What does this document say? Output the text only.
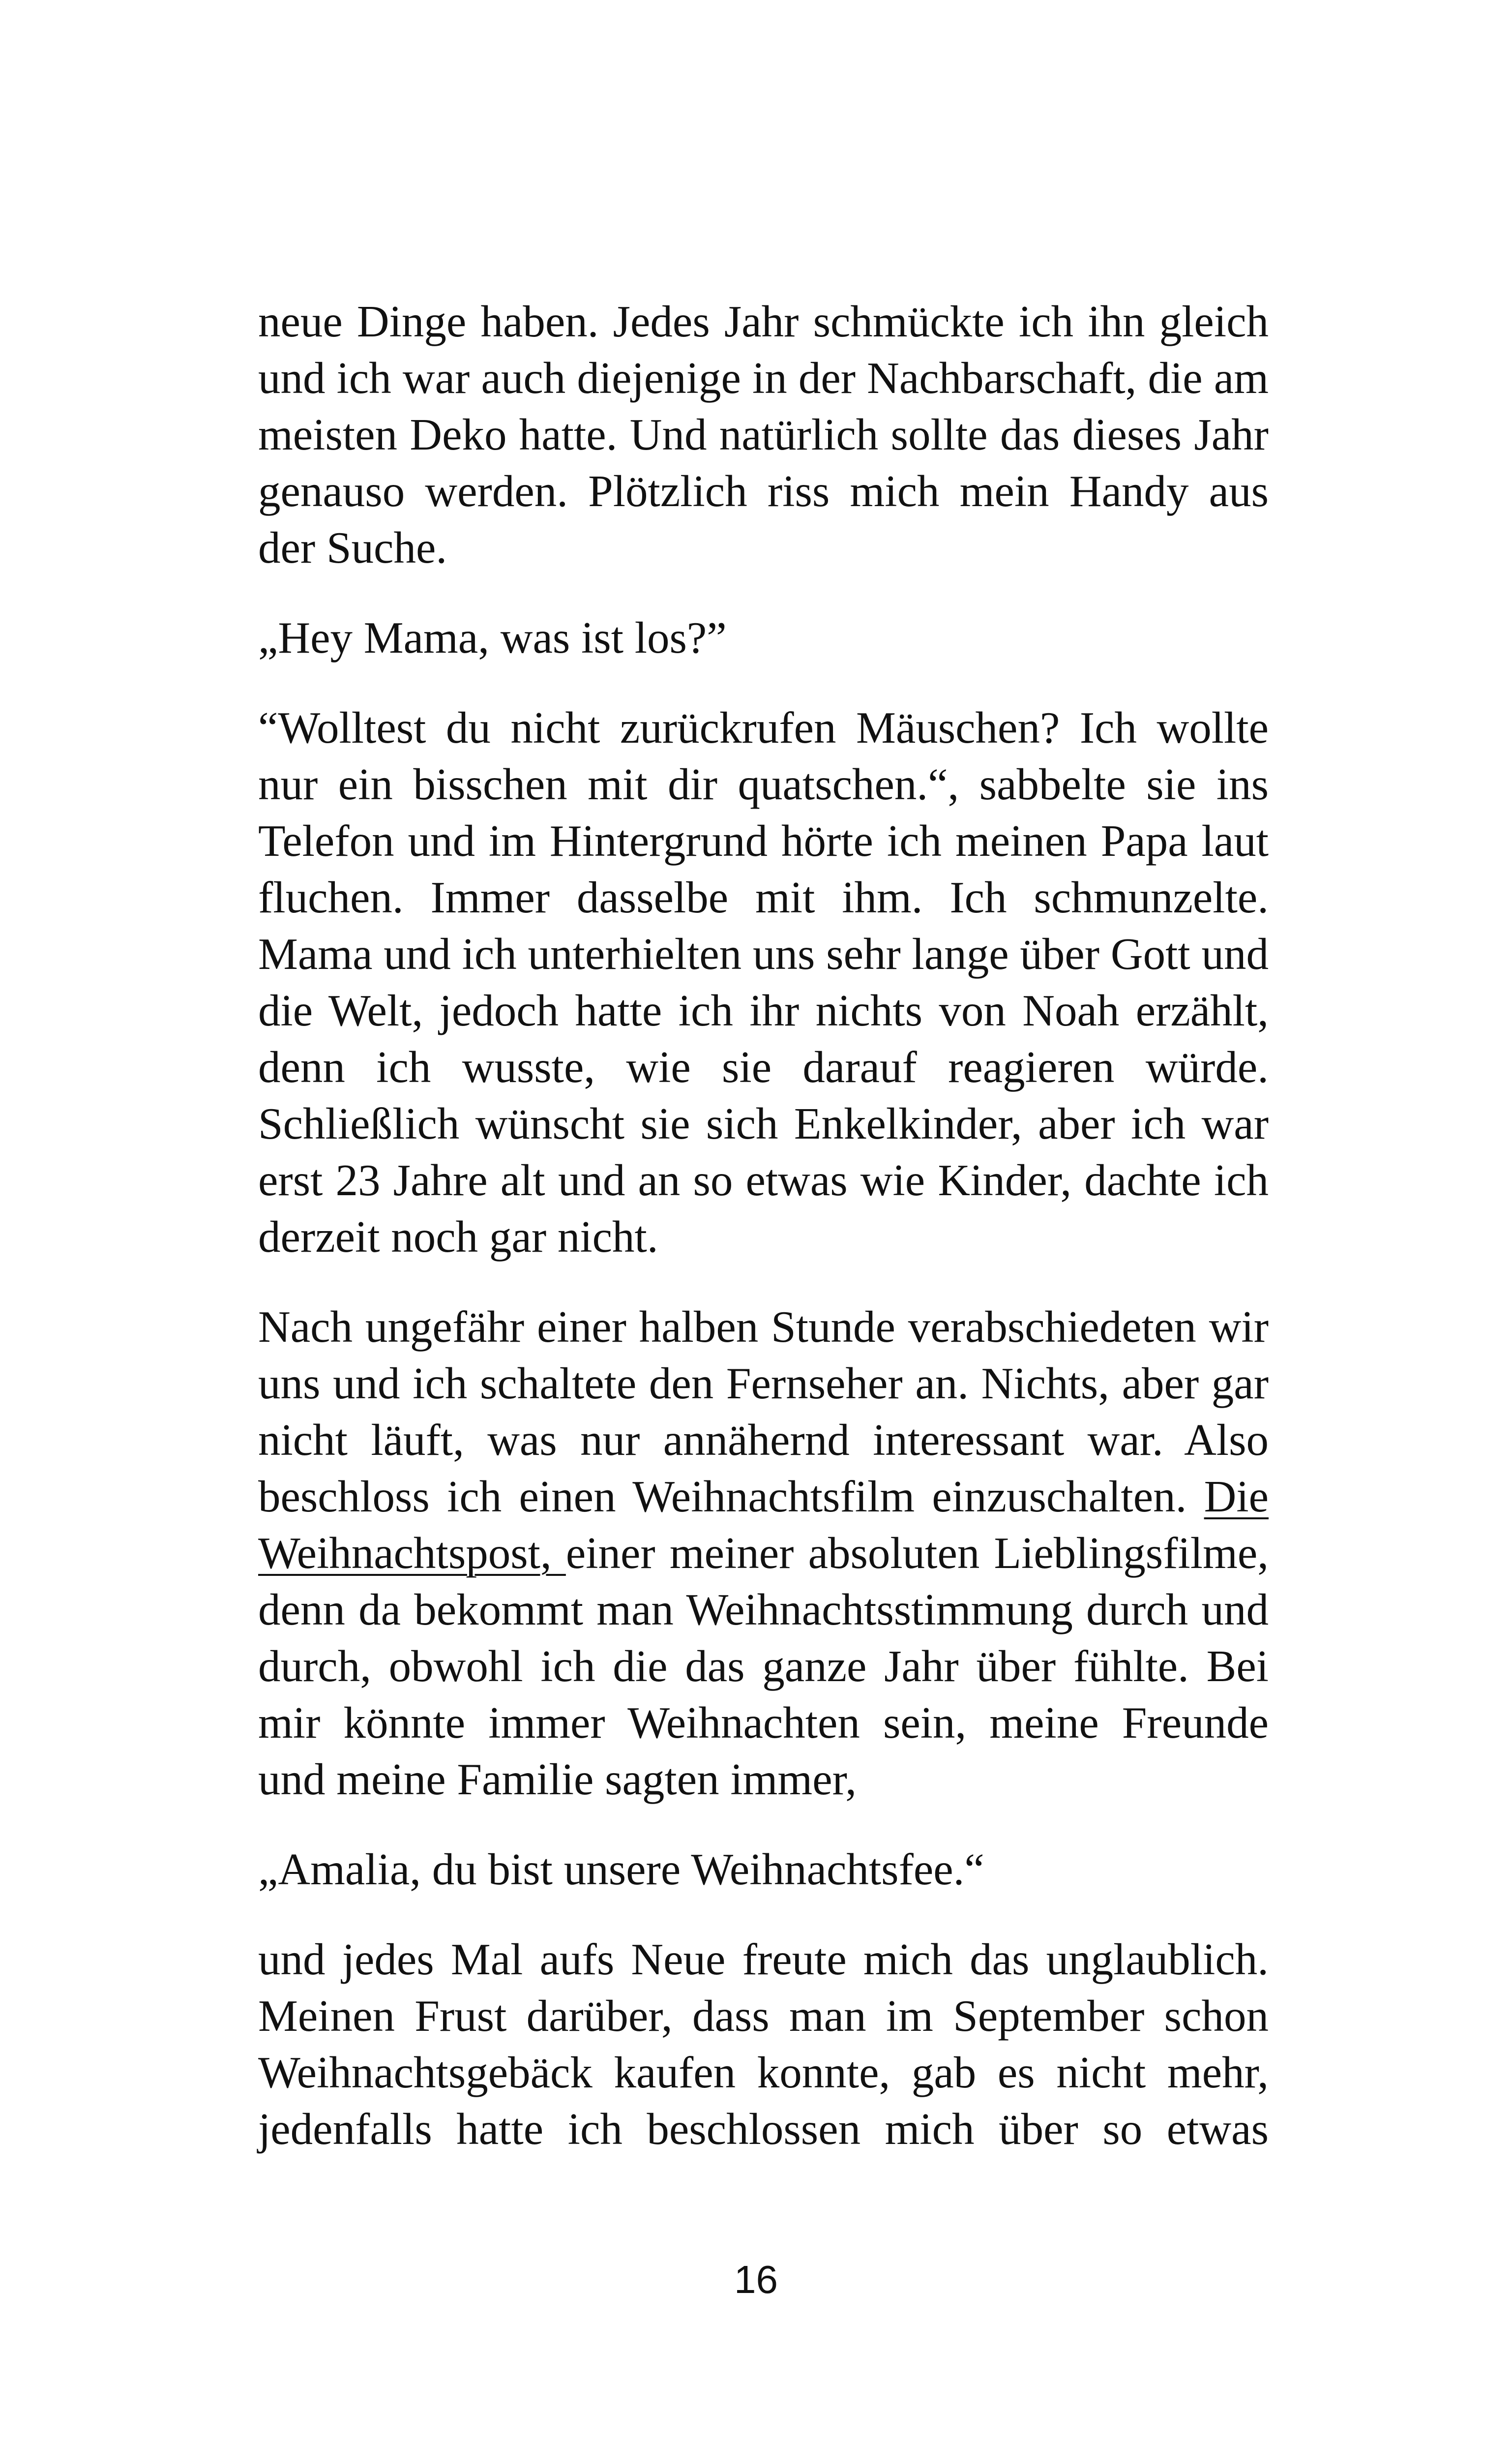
neue Dinge haben. Jedes Jahr schmückte ich ihn gleich
und ich war auch diejenige in der Nachbarschaft, die am
meisten Deko hatte. Und natürlich sollte das dieses Jahr
genauso werden. Plötzlich riss mich mein Handy aus
der Suche.

„Hey Mama, was ist los?”

“Wolltest du nicht zurückrufen Mäuschen? Ich wollte
nur ein bisschen mit dir quatschen.“, sabbelte sie ins
Telefon und im Hintergrund hörte ich meinen Papa laut
fluchen. Immer dasselbe mit ihm. Ich schmunzelte.
Mama und ich unterhielten uns sehr lange über Gott und
die Welt, jedoch hatte ich ihr nichts von Noah erzählt,
denn ich wusste, wie sie darauf reagieren würde.
Schließlich wünscht sie sich Enkelkinder, aber ich war
erst 23 Jahre alt und an so etwas wie Kinder, dachte ich
derzeit noch gar nicht.

Nach ungefähr einer halben Stunde verabschiedeten wir
uns und ich schaltete den Fernseher an. Nichts, aber gar
nicht läuft, was nur annähernd interessant war. Also
beschloss ich einen Weihnachtsfilm einzuschalten. Die
Weihnachtspost, einer meiner absoluten Lieblingsfilme,
denn da bekommt man Weihnachtsstimmung durch und
durch, obwohl ich die das ganze Jahr über fühlte. Bei
mir könnte immer Weihnachten sein, meine Freunde
und meine Familie sagten immer,

„Amalia, du bist unsere Weihnachtsfee.“

und jedes Mal aufs Neue freute mich das unglaublich.
Meinen Frust darüber, dass man im September schon
Weihnachtsgebäck kaufen konnte, gab es nicht mehr,
jedenfalls hatte ich beschlossen mich über so etwas

16
